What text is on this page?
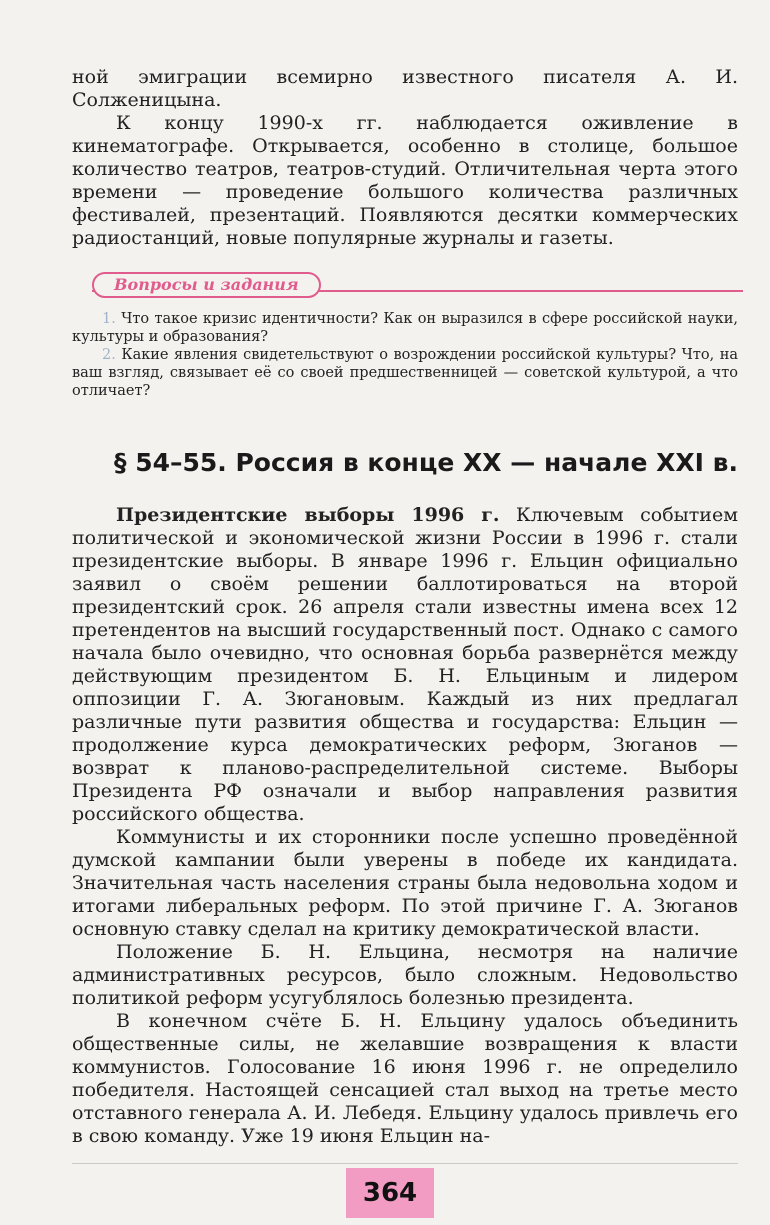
ной эмиграции всемирно известного писателя А. И. Солженицына.

К концу 1990-х гг. наблюдается оживление в кинематографе. Открывается, особенно в столице, большое количество театров, театров-студий. Отличительная черта этого времени — проведение большого количества различных фестивалей, презентаций. Появляются десятки коммерческих радиостанций, новые популярные журналы и газеты.

Вопросы и задания

1. Что такое кризис идентичности? Как он выразился в сфере российской науки, культуры и образования?

2. Какие явления свидетельствуют о возрождении российской культуры? Что, на ваш взгляд, связывает её со своей предшественницей — советской культурой, а что отличает?

§ 54–55. Россия в конце XX — начале XXI в.

Президентские выборы 1996 г. Ключевым событием политической и экономической жизни России в 1996 г. стали президентские выборы. В январе 1996 г. Ельцин официально заявил о своём решении баллотироваться на второй президентский срок. 26 апреля стали известны имена всех 12 претендентов на высший государственный пост. Однако с самого начала было очевидно, что основная борьба развернётся между действующим президентом Б. Н. Ельциным и лидером оппозиции Г. А. Зюгановым. Каждый из них предлагал различные пути развития общества и государства: Ельцин — продолжение курса демократических реформ, Зюганов — возврат к планово-распределительной системе. Выборы Президента РФ означали и выбор направления развития российского общества.

Коммунисты и их сторонники после успешно проведённой думской кампании были уверены в победе их кандидата. Значительная часть населения страны была недовольна ходом и итогами либеральных реформ. По этой причине Г. А. Зюганов основную ставку сделал на критику демократической власти.

Положение Б. Н. Ельцина, несмотря на наличие административных ресурсов, было сложным. Недовольство политикой реформ усугублялось болезнью президента.

В конечном счёте Б. Н. Ельцину удалось объединить общественные силы, не желавшие возвращения к власти коммунистов. Голосование 16 июня 1996 г. не определило победителя. Настоящей сенсацией стал выход на третье место отставного генерала А. И. Лебедя. Ельцину удалось привлечь его в свою команду. Уже 19 июня Ельцин на-

364
